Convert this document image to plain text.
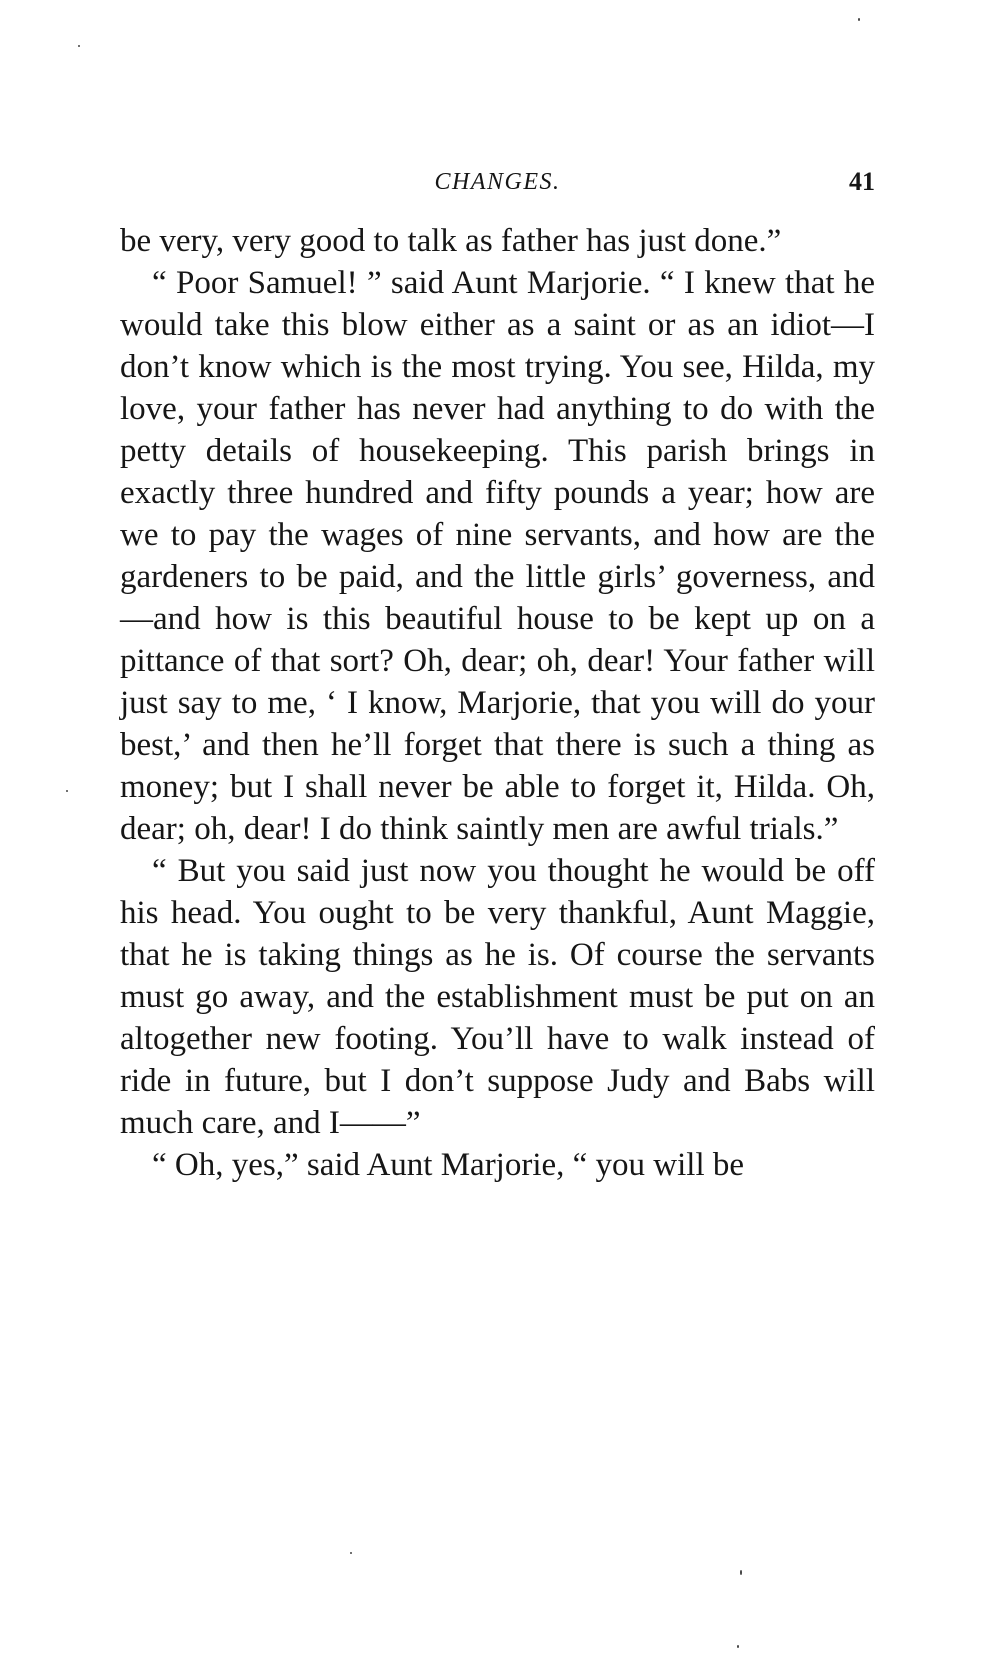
CHANGES.	41

be very, very good to talk as father has just done.”

“ Poor Samuel! ” said Aunt Marjorie. “ I knew that he would take this blow either as a saint or as an idiot—I don’t know which is the most trying. You see, Hilda, my love, your father has never had anything to do with the petty details of housekeeping. This parish brings in exactly three hundred and fifty pounds a year; how are we to pay the wages of nine servants, and how are the gardeners to be paid, and the little girls’ governess, and—and how is this beautiful house to be kept up on a pittance of that sort? Oh, dear; oh, dear! Your father will just say to me, ‘ I know, Marjorie, that you will do your best,’ and then he’ll forget that there is such a thing as money; but I shall never be able to forget it, Hilda. Oh, dear; oh, dear! I do think saintly men are awful trials.”

“ But you said just now you thought he would be off his head. You ought to be very thankful, Aunt Maggie, that he is taking things as he is. Of course the servants must go away, and the establishment must be put on an altogether new footing. You’ll have to walk instead of ride in future, but I don’t suppose Judy and Babs will much care, and I——”

“ Oh, yes,” said Aunt Marjorie, “ you will be
